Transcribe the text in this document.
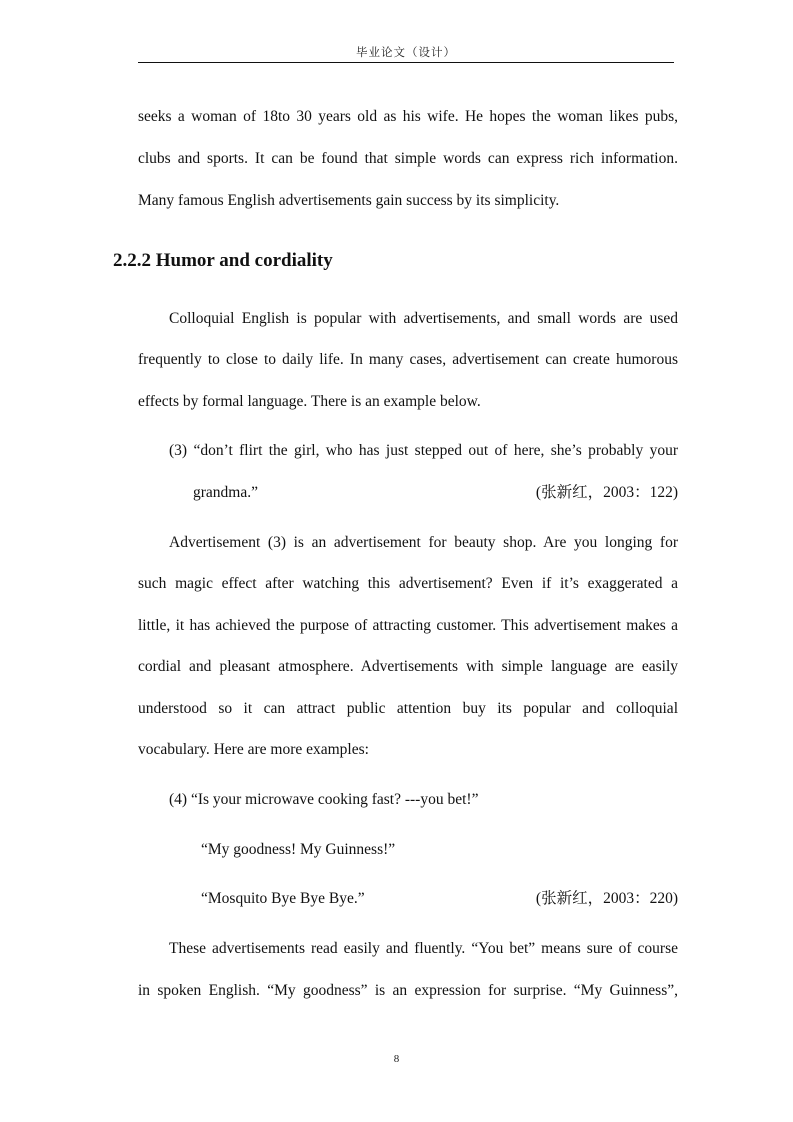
毕业论文（设计）
seeks a woman of 18to 30 years old as his wife. He hopes the woman likes pubs,
clubs and sports. It can be found that simple words can express rich information.
Many famous English advertisements gain success by its simplicity.
2.2.2 Humor and cordiality
Colloquial English is popular with advertisements, and small words are used
frequently to close to daily life. In many cases, advertisement can create humorous
effects by formal language. There is an example below.
(3) “don’t flirt the girl, who has just stepped out of here, she’s probably your
grandma.”	(张新红，2003：122)
Advertisement (3) is an advertisement for beauty shop. Are you longing for
such magic effect after watching this advertisement? Even if it’s exaggerated a
little, it has achieved the purpose of attracting customer. This advertisement makes a
cordial and pleasant atmosphere. Advertisements with simple language are easily
understood so it can attract public attention buy its popular and colloquial
vocabulary. Here are more examples:
(4) “Is your microwave cooking fast? ---you bet!”
“My goodness! My Guinness!”
“Mosquito Bye Bye Bye.”	(张新红，2003：220)
These advertisements read easily and fluently. “You bet” means sure of course
in spoken English. “My goodness” is an expression for surprise. “My Guinness”,
8
